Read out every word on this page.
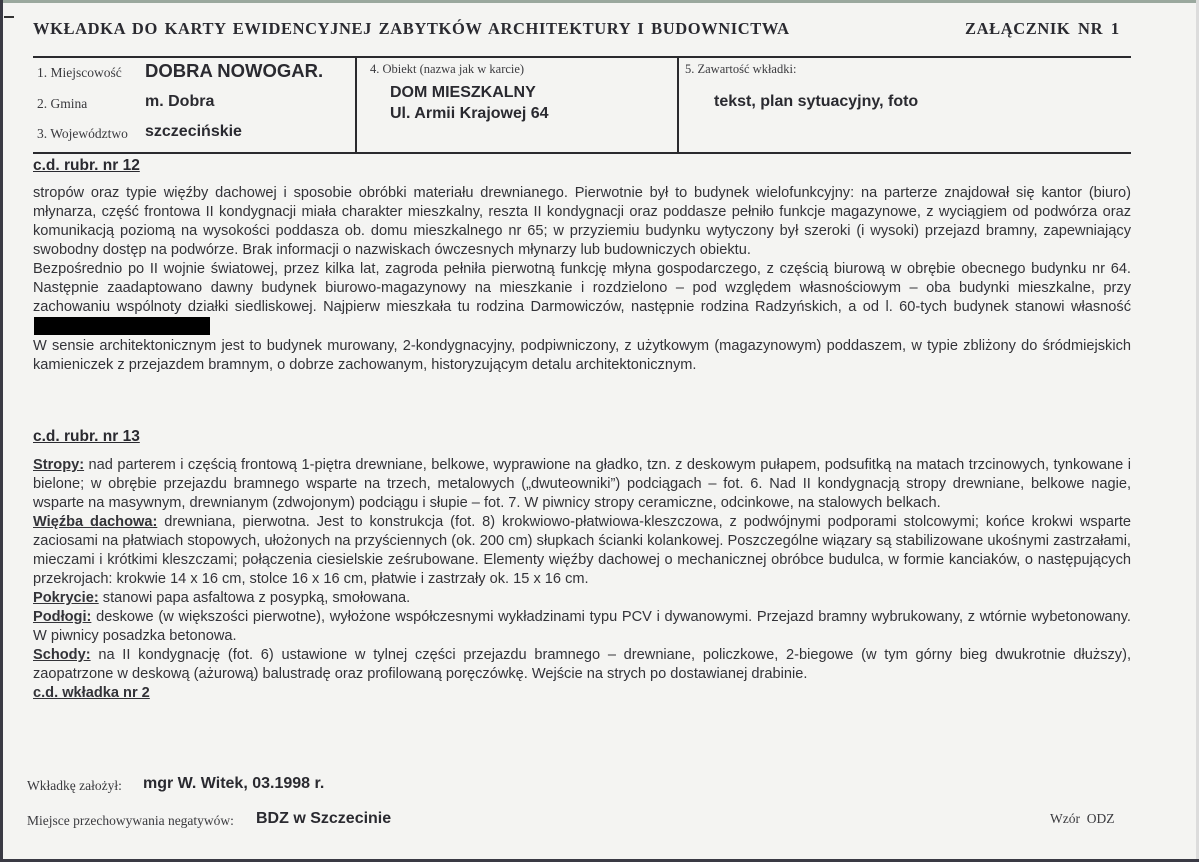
WKŁADKA DO KARTY EWIDENCYJNEJ ZABYTKÓW ARCHITEKTURY I BUDOWNICTWA	ZAŁĄCZNIK NR 1
1. Miejscowość DOBRA NOWOGAR.
2. Gmina	m. Dobra
3. Województwo szczecińskie
4. Obiekt (nazwa jak w karcie)
DOM MIESZKALNY
Ul. Armii Krajowej 64
5. Zawartość wkładki:
tekst, plan sytuacyjny, foto
c.d. rubr. nr 12

stropów oraz typie więźby dachowej i sposobie obróbki materiału drewnianego. Pierwotnie był to budynek wielofunkcyjny: na parterze znajdował się kantor (biuro) młynarza, część frontowa II kondygnacji miała charakter mieszkalny, reszta II kondygnacji oraz poddasze pełniło funkcje magazynowe, z wyciągiem od podwórza oraz komunikacją poziomą na wysokości poddasza ob. domu mieszkalnego nr 65; w przyziemiu budynku wytyczony był szeroki (i wysoki) przejazd bramny, zapewniający swobodny dostęp na podwórze. Brak informacji o nazwiskach ówczesnych młynarzy lub budowniczych obiektu.

Bezpośrednio po II wojnie światowej, przez kilka lat, zagroda pełniła pierwotną funkcję młyna gospodarczego, z częścią biurową w obrębie obecnego budynku nr 64. Następnie zaadaptowano dawny budynek biurowo-magazynowy na mieszkanie i rozdzielono – pod względem własnościowym – oba budynki mieszkalne, przy zachowaniu wspólnoty działki siedliskowej. Najpierw mieszkała tu rodzina Darmowiczów, następnie rodzina Radzyńskich, a od l. 60-tych budynek stanowi własność

W sensie architektonicznym jest to budynek murowany, 2-kondygnacyjny, podpiwniczony, z użytkowym (magazynowym) poddaszem, w typie zbliżony do śródmiejskich kamieniczek z przejazdem bramnym, o dobrze zachowanym, historyzującym detalu architektonicznym.

c.d. rubr. nr 13

Stropy: nad parterem i częścią frontową 1-piętra drewniane, belkowe, wyprawione na gładko, tzn. z deskowym pułapem, podsufitką na matach trzcinowych, tynkowane i bielone; w obrębie przejazdu bramnego wsparte na trzech, metalowych („dwuteowniki”) podciągach – fot. 6. Nad II kondygnacją stropy drewniane, belkowe nagie, wsparte na masywnym, drewnianym (zdwojonym) podciągu i słupie – fot. 7. W piwnicy stropy ceramiczne, odcinkowe, na stalowych belkach.

Więźba dachowa: drewniana, pierwotna. Jest to konstrukcja (fot. 8) krokwiowo-płatwiowa-kleszczowa, z podwójnymi podporami stolcowymi; końce krokwi wsparte zaciosami na płatwiach stopowych, ułożonych na przyściennych (ok. 200 cm) słupkach ścianki kolankowej. Poszczególne wiązary są stabilizowane ukośnymi zastrzałami, mieczami i krótkimi kleszczami; połączenia ciesielskie ześrubowane. Elementy więźby dachowej o mechanicznej obróbce budulca, w formie kanciaków, o następujących przekrojach: krokwie 14 x 16 cm, stolce 16 x 16 cm, płatwie i zastrzały ok. 15 x 16 cm.

Pokrycie: stanowi papa asfaltowa z posypką, smołowana.

Podłogi: deskowe (w większości pierwotne), wyłożone współczesnymi wykładzinami typu PCV i dywanowymi. Przejazd bramny wybrukowany, z wtórnie wybetonowany. W piwnicy posadzka betonowa.

Schody: na II kondygnację (fot. 6) ustawione w tylnej części przejazdu bramnego – drewniane, policzkowe, 2-biegowe (w tym górny bieg dwukrotnie dłuższy), zaopatrzone w deskową (ażurową) balustradę oraz profilowaną poręczówkę. Wejście na strych po dostawianej drabinie.

c.d. wkładka nr 2

Wkładkę założył: mgr W. Witek, 03.1998 r.
Miejsce przechowywania negatywów: BDZ w Szczecinie	Wzór  ODZ
